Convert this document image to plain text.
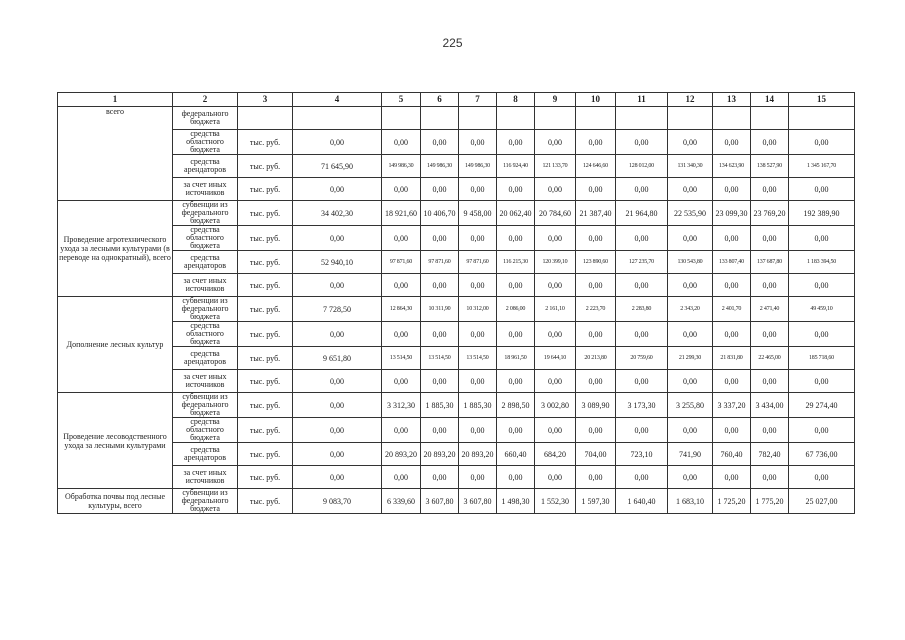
225
1	2	3	4	5	6	7	8	9	10	11	12	13	14	15
всего	федерального бюджета													
	средства областного бюджета	тыс. руб.	0,00	0,00	0,00	0,00	0,00	0,00	0,00	0,00	0,00	0,00	0,00	0,00
	средства арендаторов	тыс. руб.	71 645,90	149 986,30	149 986,30	149 986,30	116 924,40	121 133,70	124 646,60	128 012,00	131 340,30	134 623,90	138 527,90	1 345 167,70
	за счет иных источников	тыс. руб.	0,00	0,00	0,00	0,00	0,00	0,00	0,00	0,00	0,00	0,00	0,00	0,00
Проведение агротехнического ухода за лесными культурами (в переводе на однократный), всего	субвенции из федерального бюджета	тыс. руб.	34 402,30	18 921,60	10 406,70	9 458,00	20 062,40	20 784,60	21 387,40	21 964,80	22 535,90	23 099,30	23 769,20	192 389,90
	средства областного бюджета	тыс. руб.	0,00	0,00	0,00	0,00	0,00	0,00	0,00	0,00	0,00	0,00	0,00	0,00
	средства арендаторов	тыс. руб.	52 940,10	97 871,60	97 871,60	97 871,60	116 215,30	120 399,10	123 890,60	127 235,70	130 543,80	133 807,40	137 687,80	1 183 394,50
	за счет иных источников	тыс. руб.	0,00	0,00	0,00	0,00	0,00	0,00	0,00	0,00	0,00	0,00	0,00	0,00
Дополнение лесных культур	субвенции из федерального бюджета	тыс. руб.	7 728,50	12 864,30	10 311,90	10 312,00	2 086,00	2 161,10	2 223,70	2 283,80	2 343,20	2 401,70	2 471,40	49 459,10
	средства областного бюджета	тыс. руб.	0,00	0,00	0,00	0,00	0,00	0,00	0,00	0,00	0,00	0,00	0,00	0,00
	средства арендаторов	тыс. руб.	9 651,80	13 514,50	13 514,50	13 514,50	18 961,50	19 644,10	20 213,80	20 759,60	21 299,30	21 831,80	22 465,00	185 718,60
	за счет иных источников	тыс. руб.	0,00	0,00	0,00	0,00	0,00	0,00	0,00	0,00	0,00	0,00	0,00	0,00
Проведение лесоводственного ухода за лесными культурами	субвенции из федерального бюджета	тыс. руб.	0,00	3 312,30	1 885,30	1 885,30	2 898,50	3 002,80	3 089,90	3 173,30	3 255,80	3 337,20	3 434,00	29 274,40
	средства областного бюджета	тыс. руб.	0,00	0,00	0,00	0,00	0,00	0,00	0,00	0,00	0,00	0,00	0,00	0,00
	средства арендаторов	тыс. руб.	0,00	20 893,20	20 893,20	20 893,20	660,40	684,20	704,00	723,10	741,90	760,40	782,40	67 736,00
	за счет иных источников	тыс. руб.	0,00	0,00	0,00	0,00	0,00	0,00	0,00	0,00	0,00	0,00	0,00	0,00
Обработка почвы под лесные культуры, всего	субвенции из федерального бюджета	тыс. руб.	9 083,70	6 339,60	3 607,80	3 607,80	1 498,30	1 552,30	1 597,30	1 640,40	1 683,10	1 725,20	1 775,20	25 027,00
